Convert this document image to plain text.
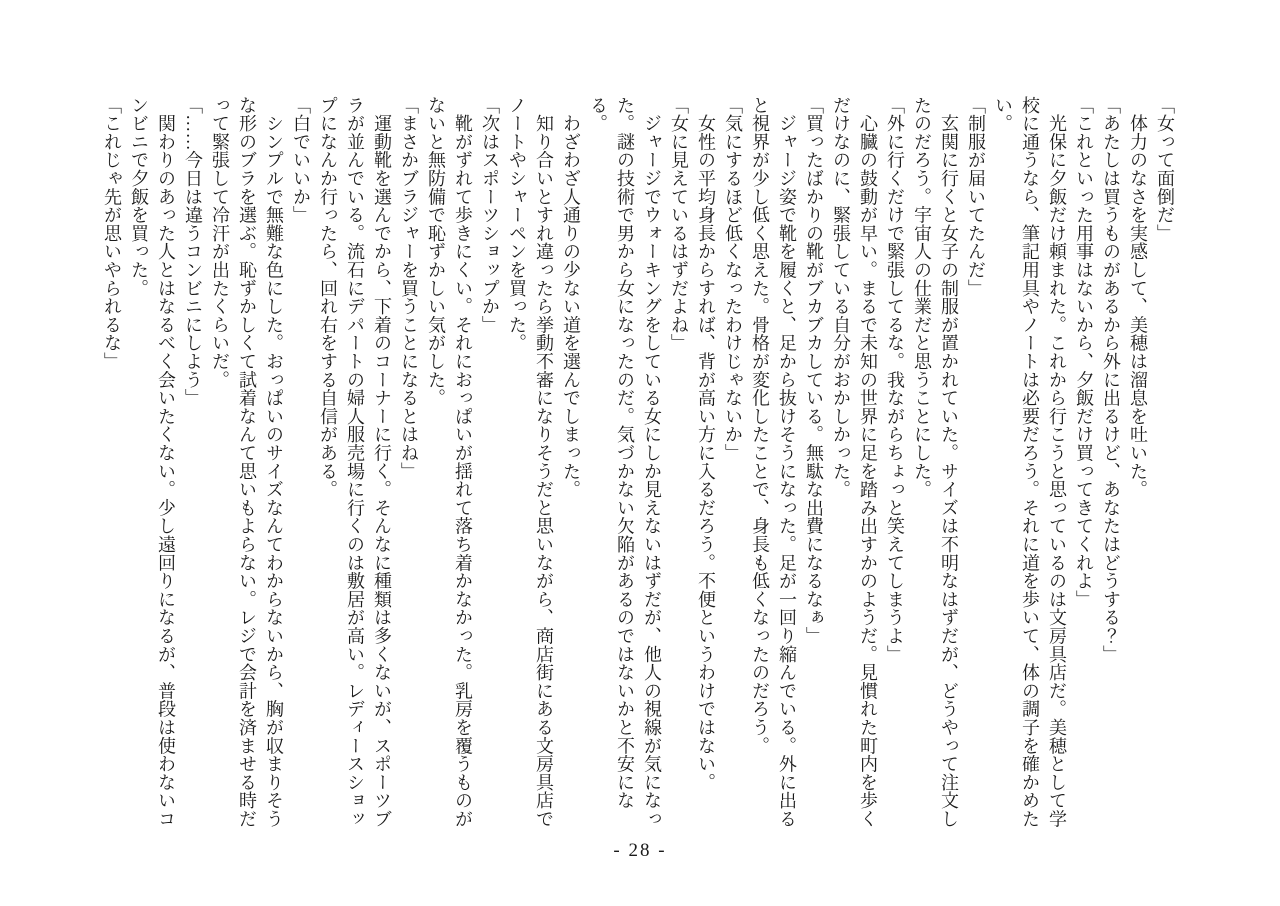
「女って面倒だ」
　体力のなさを実感して、美穂は溜息を吐いた。
「あたしは買うものがあるから外に出るけど、あなたはどうする？」
「これといった用事はないから、夕飯だけ買ってきてくれよ」
　光保に夕飯だけ頼まれた。これから行こうと思っているのは文房具店だ。美穂として学
校に通うなら、筆記用具やノートは必要だろう。それに道を歩いて、体の調子を確かめた
い。
「制服が届いてたんだ」
　玄関に行くと女子の制服が置かれていた。サイズは不明なはずだが、どうやって注文し
たのだろう。宇宙人の仕業だと思うことにした。
「外に行くだけで緊張してるな。我ながらちょっと笑えてしまうよ」
　心臓の鼓動が早い。まるで未知の世界に足を踏み出すかのようだ。見慣れた町内を歩く
だけなのに、緊張している自分がおかしかった。
「買ったばかりの靴がブカブカしている。無駄な出費になるなぁ」
　ジャージ姿で靴を履くと、足から抜けそうになった。足が一回り縮んでいる。外に出る
と視界が少し低く思えた。骨格が変化したことで、身長も低くなったのだろう。
「気にするほど低くなったわけじゃないか」
　女性の平均身長からすれば、背が高い方に入るだろう。不便というわけではない。
「女に見えているはずだよね」
　ジャージでウォーキングをしている女にしか見えないはずだが、他人の視線が気になっ
た。謎の技術で男から女になったのだ。気づかない欠陥があるのではないかと不安になる。
　わざわざ人通りの少ない道を選んでしまった。
　知り合いとすれ違ったら挙動不審になりそうだと思いながら、商店街にある文房具店で
ノートやシャーペンを買った。
「次はスポーツショップか」
　靴がずれて歩きにくい。それにおっぱいが揺れて落ち着かなかった。乳房を覆うものが
ないと無防備で恥ずかしい気がした。
「まさかブラジャーを買うことになるとはね」
　運動靴を選んでから、下着のコーナーに行く。そんなに種類は多くないが、スポーツブ
ラが並んでいる。流石にデパートの婦人服売場に行くのは敷居が高い。レディースショッ
プになんか行ったら、回れ右をする自信がある。
「白でいいか」
　シンプルで無難な色にした。おっぱいのサイズなんてわからないから、胸が収まりそう
な形のブラを選ぶ。恥ずかしくて試着なんて思いもよらない。レジで会計を済ませる時だ
って緊張して冷汗が出たくらいだ。
「……今日は違うコンビニにしよう」
　関わりのあった人とはなるべく会いたくない。少し遠回りになるが、普段は使わないコ
ンビニで夕飯を買った。
「これじゃ先が思いやられるな」
- 28 -
